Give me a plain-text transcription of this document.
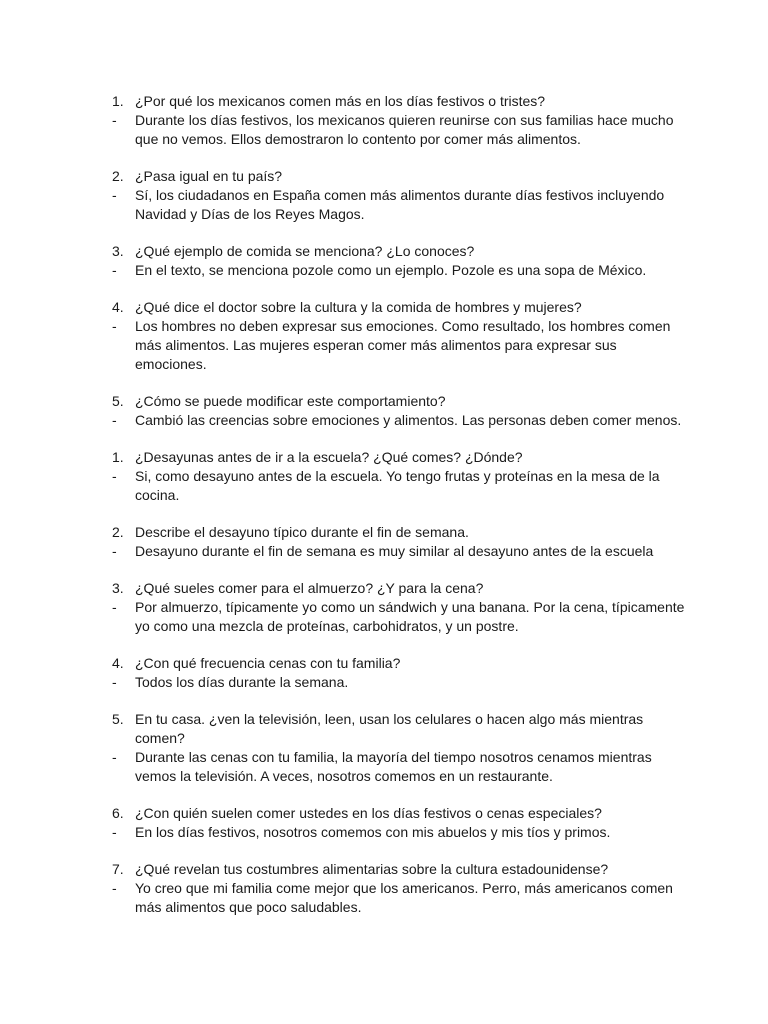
1. ¿Por qué los mexicanos comen más en los días festivos o tristes?
-	Durante los días festivos, los mexicanos quieren reunirse con sus familias hace mucho que no vemos. Ellos demostraron lo contento por comer más alimentos.
2. ¿Pasa igual en tu país?
-	Sí, los ciudadanos en España comen más alimentos durante días festivos incluyendo Navidad y Días de los Reyes Magos.
3. ¿Qué ejemplo de comida se menciona? ¿Lo conoces?
-	En el texto, se menciona pozole como un ejemplo. Pozole es una sopa de México.
4. ¿Qué dice el doctor sobre la cultura y la comida de hombres y mujeres?
-	Los hombres no deben expresar sus emociones. Como resultado, los hombres comen más alimentos. Las mujeres esperan comer más alimentos para expresar sus emociones.
5. ¿Cómo se puede modificar este comportamiento?
-	Cambió las creencias sobre emociones y alimentos. Las personas deben comer menos.
1. ¿Desayunas antes de ir a la escuela? ¿Qué comes? ¿Dónde?
-	Si, como desayuno antes de la escuela. Yo tengo frutas y proteínas en la mesa de la cocina.
2. Describe el desayuno típico durante el fin de semana.
-	Desayuno durante el fin de semana es muy similar al desayuno antes de la escuela
3. ¿Qué sueles comer para el almuerzo? ¿Y para la cena?
-	Por almuerzo, típicamente yo como un sándwich y una banana. Por la cena, típicamente yo como una mezcla de proteínas, carbohidratos, y un postre.
4. ¿Con qué frecuencia cenas con tu familia?
-	Todos los días durante la semana.
5. En tu casa. ¿ven la televisión, leen, usan los celulares o hacen algo más mientras comen?
-	Durante las cenas con tu familia, la mayoría del tiempo nosotros cenamos mientras vemos la televisión. A veces, nosotros comemos en un restaurante.
6. ¿Con quién suelen comer ustedes en los días festivos o cenas especiales?
-	En los días festivos, nosotros comemos con mis abuelos y mis tíos y primos.
7. ¿Qué revelan tus costumbres alimentarias sobre la cultura estadounidense?
-	Yo creo que mi familia come mejor que los americanos. Perro, más americanos comen más alimentos que poco saludables.
